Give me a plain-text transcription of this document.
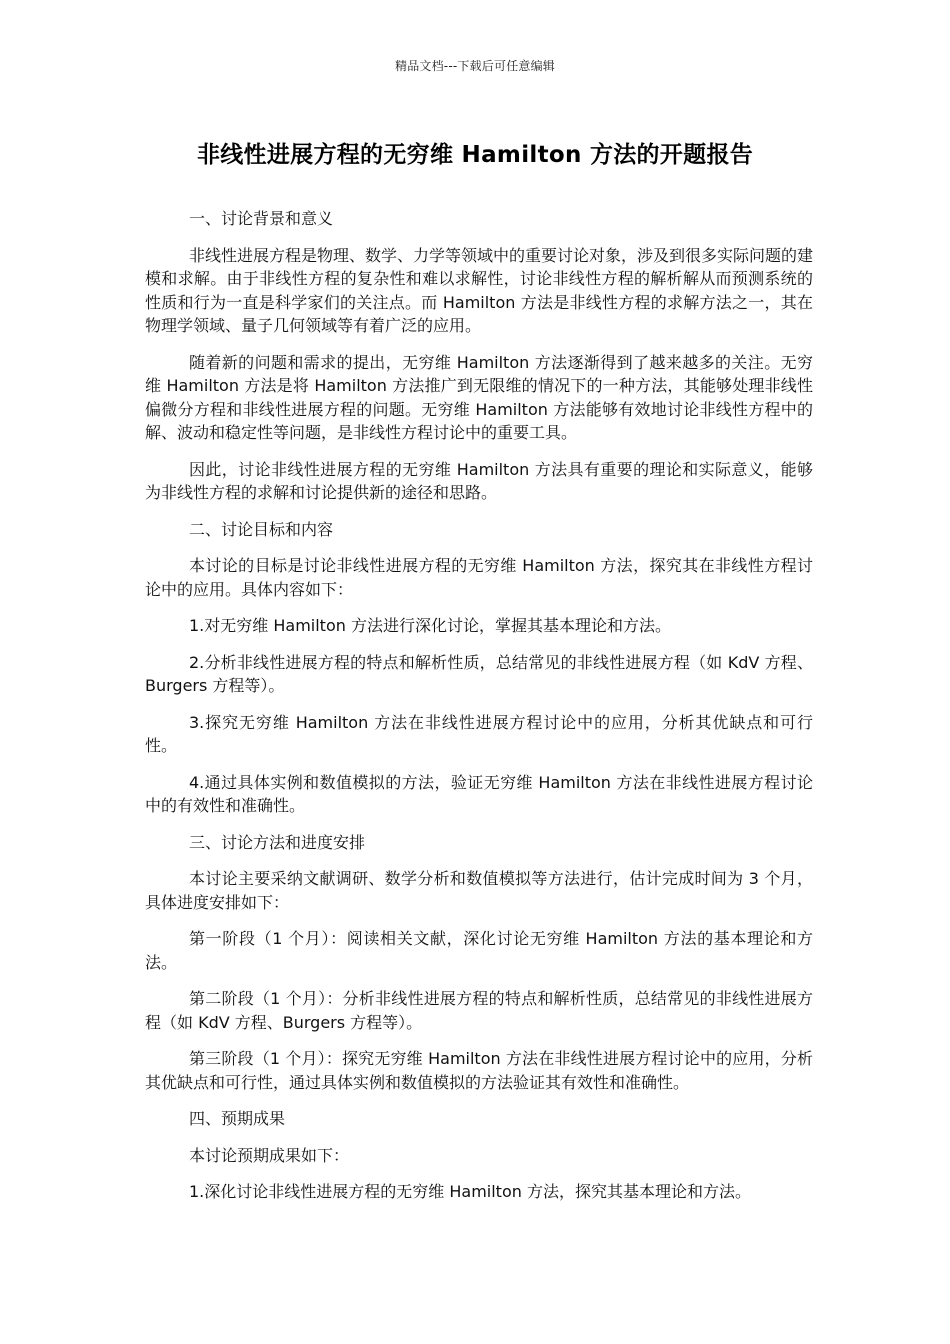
精品文档---下载后可任意编辑
非线性进展方程的无穷维 Hamilton 方法的开题报告

一、讨论背景和意义

非线性进展方程是物理、数学、力学等领域中的重要讨论对象，涉及到很多实际问题的建模和求解。由于非线性方程的复杂性和难以求解性，讨论非线性方程的解析解从而预测系统的性质和行为一直是科学家们的关注点。而 Hamilton 方法是非线性方程的求解方法之一，其在物理学领域、量子几何领域等有着广泛的应用。

随着新的问题和需求的提出，无穷维 Hamilton 方法逐渐得到了越来越多的关注。无穷维 Hamilton 方法是将 Hamilton 方法推广到无限维的情况下的一种方法，其能够处理非线性偏微分方程和非线性进展方程的问题。无穷维 Hamilton 方法能够有效地讨论非线性方程中的解、波动和稳定性等问题，是非线性方程讨论中的重要工具。

因此，讨论非线性进展方程的无穷维 Hamilton 方法具有重要的理论和实际意义，能够为非线性方程的求解和讨论提供新的途径和思路。

二、讨论目标和内容

本讨论的目标是讨论非线性进展方程的无穷维 Hamilton 方法，探究其在非线性方程讨论中的应用。具体内容如下：

1.对无穷维 Hamilton 方法进行深化讨论，掌握其基本理论和方法。

2.分析非线性进展方程的特点和解析性质，总结常见的非线性进展方程（如 KdV 方程、Burgers 方程等）。

3.探究无穷维 Hamilton 方法在非线性进展方程讨论中的应用，分析其优缺点和可行性。

4.通过具体实例和数值模拟的方法，验证无穷维 Hamilton 方法在非线性进展方程讨论中的有效性和准确性。

三、讨论方法和进度安排

本讨论主要采纳文献调研、数学分析和数值模拟等方法进行，估计完成时间为 3 个月，具体进度安排如下：

第一阶段（1 个月）：阅读相关文献，深化讨论无穷维 Hamilton 方法的基本理论和方法。

第二阶段（1 个月）：分析非线性进展方程的特点和解析性质，总结常见的非线性进展方程（如 KdV 方程、Burgers 方程等）。

第三阶段（1 个月）：探究无穷维 Hamilton 方法在非线性进展方程讨论中的应用，分析其优缺点和可行性，通过具体实例和数值模拟的方法验证其有效性和准确性。

四、预期成果

本讨论预期成果如下：

1.深化讨论非线性进展方程的无穷维 Hamilton 方法，探究其基本理论和方法。
